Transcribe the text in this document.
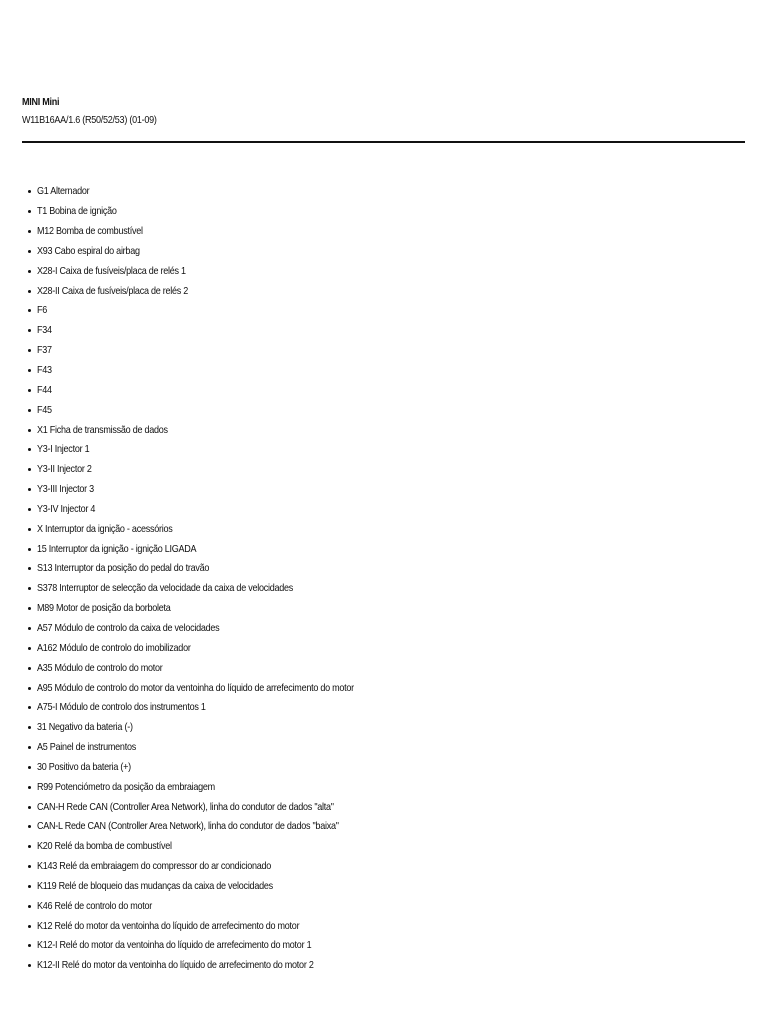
MINI Mini
W11B16AA/1.6 (R50/52/53) (01-09)
G1 Alternador
T1 Bobina de ignição
M12 Bomba de combustível
X93 Cabo espiral do airbag
X28-I Caixa de fusíveis/placa de relés 1
X28-II Caixa de fusíveis/placa de relés 2
F6
F34
F37
F43
F44
F45
X1 Ficha de transmissão de dados
Y3-I Injector 1
Y3-II Injector 2
Y3-III Injector 3
Y3-IV Injector 4
X Interruptor da ignição - acessórios
15 Interruptor da ignição - ignição LIGADA
S13 Interruptor da posição do pedal do travão
S378 Interruptor de selecção da velocidade da caixa de velocidades
M89 Motor de posição da borboleta
A57 Módulo de controlo da caixa de velocidades
A162 Módulo de controlo do imobilizador
A35 Módulo de controlo do motor
A95 Módulo de controlo do motor da ventoinha do líquido de arrefecimento do motor
A75-I Módulo de controlo dos instrumentos 1
31 Negativo da bateria (-)
A5 Painel de instrumentos
30 Positivo da bateria (+)
R99 Potenciómetro da posição da embraiagem
CAN-H Rede CAN (Controller Area Network), linha do condutor de dados "alta"
CAN-L Rede CAN (Controller Area Network), linha do condutor de dados "baixa"
K20 Relé da bomba de combustível
K143 Relé da embraiagem do compressor do ar condicionado
K119 Relé de bloqueio das mudanças da caixa de velocidades
K46 Relé de controlo do motor
K12 Relé do motor da ventoinha do líquido de arrefecimento do motor
K12-I Relé do motor da ventoinha do líquido de arrefecimento do motor 1
K12-II Relé do motor da ventoinha do líquido de arrefecimento do motor 2
